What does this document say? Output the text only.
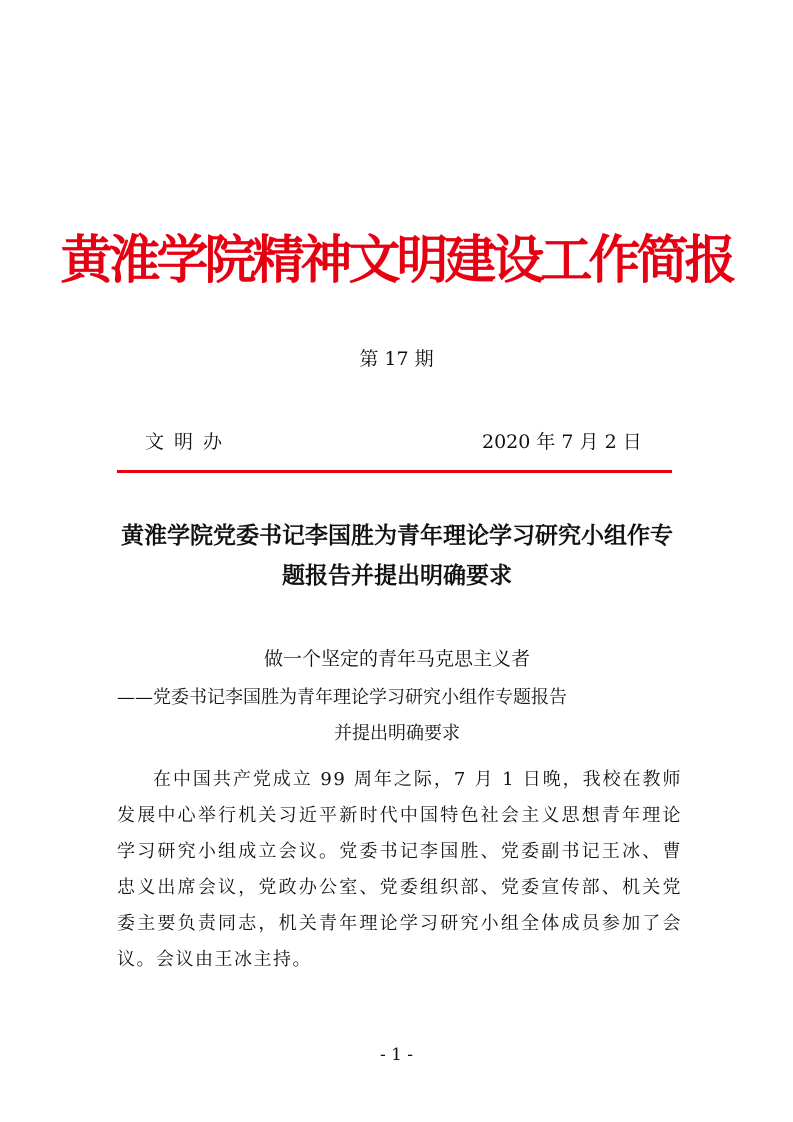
黄淮学院精神文明建设工作简报
第 17 期
文明办	2020 年 7 月 2 日
黄淮学院党委书记李国胜为青年理论学习研究小组作专题报告并提出明确要求
做一个坚定的青年马克思主义者
——党委书记李国胜为青年理论学习研究小组作专题报告
并提出明确要求
在中国共产党成立 99 周年之际，7 月 1 日晚，我校在教师发展中心举行机关习近平新时代中国特色社会主义思想青年理论学习研究小组成立会议。党委书记李国胜、党委副书记王冰、曹忠义出席会议，党政办公室、党委组织部、党委宣传部、机关党委主要负责同志，机关青年理论学习研究小组全体成员参加了会议。会议由王冰主持。
- 1 -
